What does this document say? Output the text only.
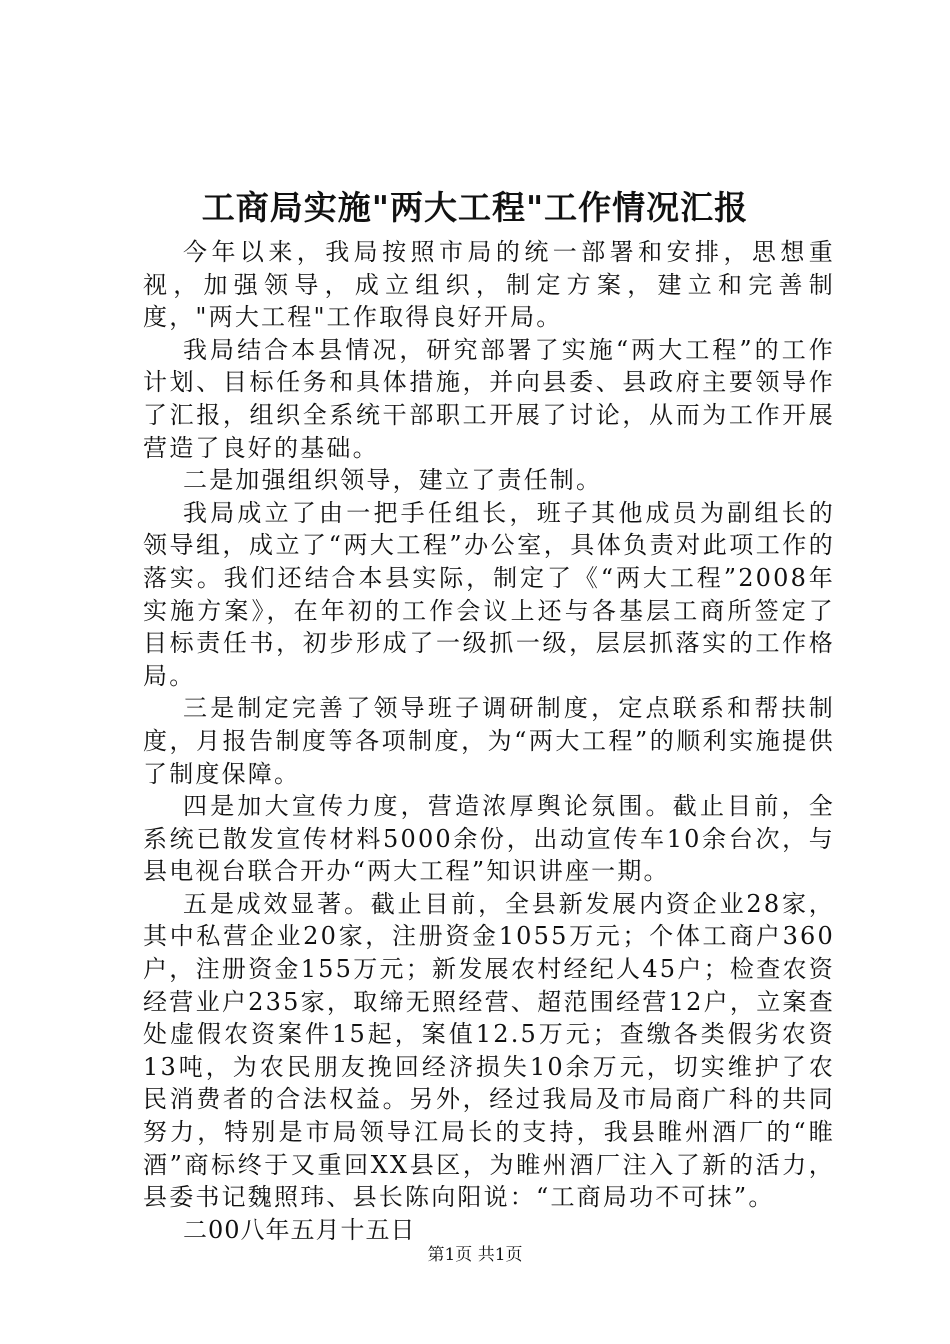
工商局实施"两大工程"工作情况汇报

今年以来，我局按照市局的统一部署和安排，思想重视，加强领导，成立组织，制定方案，建立和完善制度，"两大工程"工作取得良好开局。

我局结合本县情况，研究部署了实施“两大工程”的工作计划、目标任务和具体措施，并向县委、县政府主要领导作了汇报，组织全系统干部职工开展了讨论，从而为工作开展营造了良好的基础。

二是加强组织领导，建立了责任制。

我局成立了由一把手任组长，班子其他成员为副组长的领导组，成立了“两大工程”办公室，具体负责对此项工作的落实。我们还结合本县实际，制定了《“两大工程”2008年实施方案》，在年初的工作会议上还与各基层工商所签定了目标责任书，初步形成了一级抓一级，层层抓落实的工作格局。

三是制定完善了领导班子调研制度，定点联系和帮扶制度，月报告制度等各项制度，为“两大工程”的顺利实施提供了制度保障。

四是加大宣传力度，营造浓厚舆论氛围。截止目前，全系统已散发宣传材料5000余份，出动宣传车10余台次，与县电视台联合开办“两大工程”知识讲座一期。

五是成效显著。截止目前，全县新发展内资企业28家，其中私营企业20家，注册资金1055万元；个体工商户360户，注册资金155万元；新发展农村经纪人45户；检查农资经营业户235家，取缔无照经营、超范围经营12户，立案查处虚假农资案件15起，案值12.5万元；查缴各类假劣农资13吨，为农民朋友挽回经济损失10余万元，切实维护了农民消费者的合法权益。另外，经过我局及市局商广科的共同努力，特别是市局领导江局长的支持，我县睢州酒厂的“睢酒”商标终于又重回XX县区，为睢州酒厂注入了新的活力，县委书记魏照玮、县长陈向阳说：“工商局功不可抹”。

二00八年五月十五日

第1页 共1页
